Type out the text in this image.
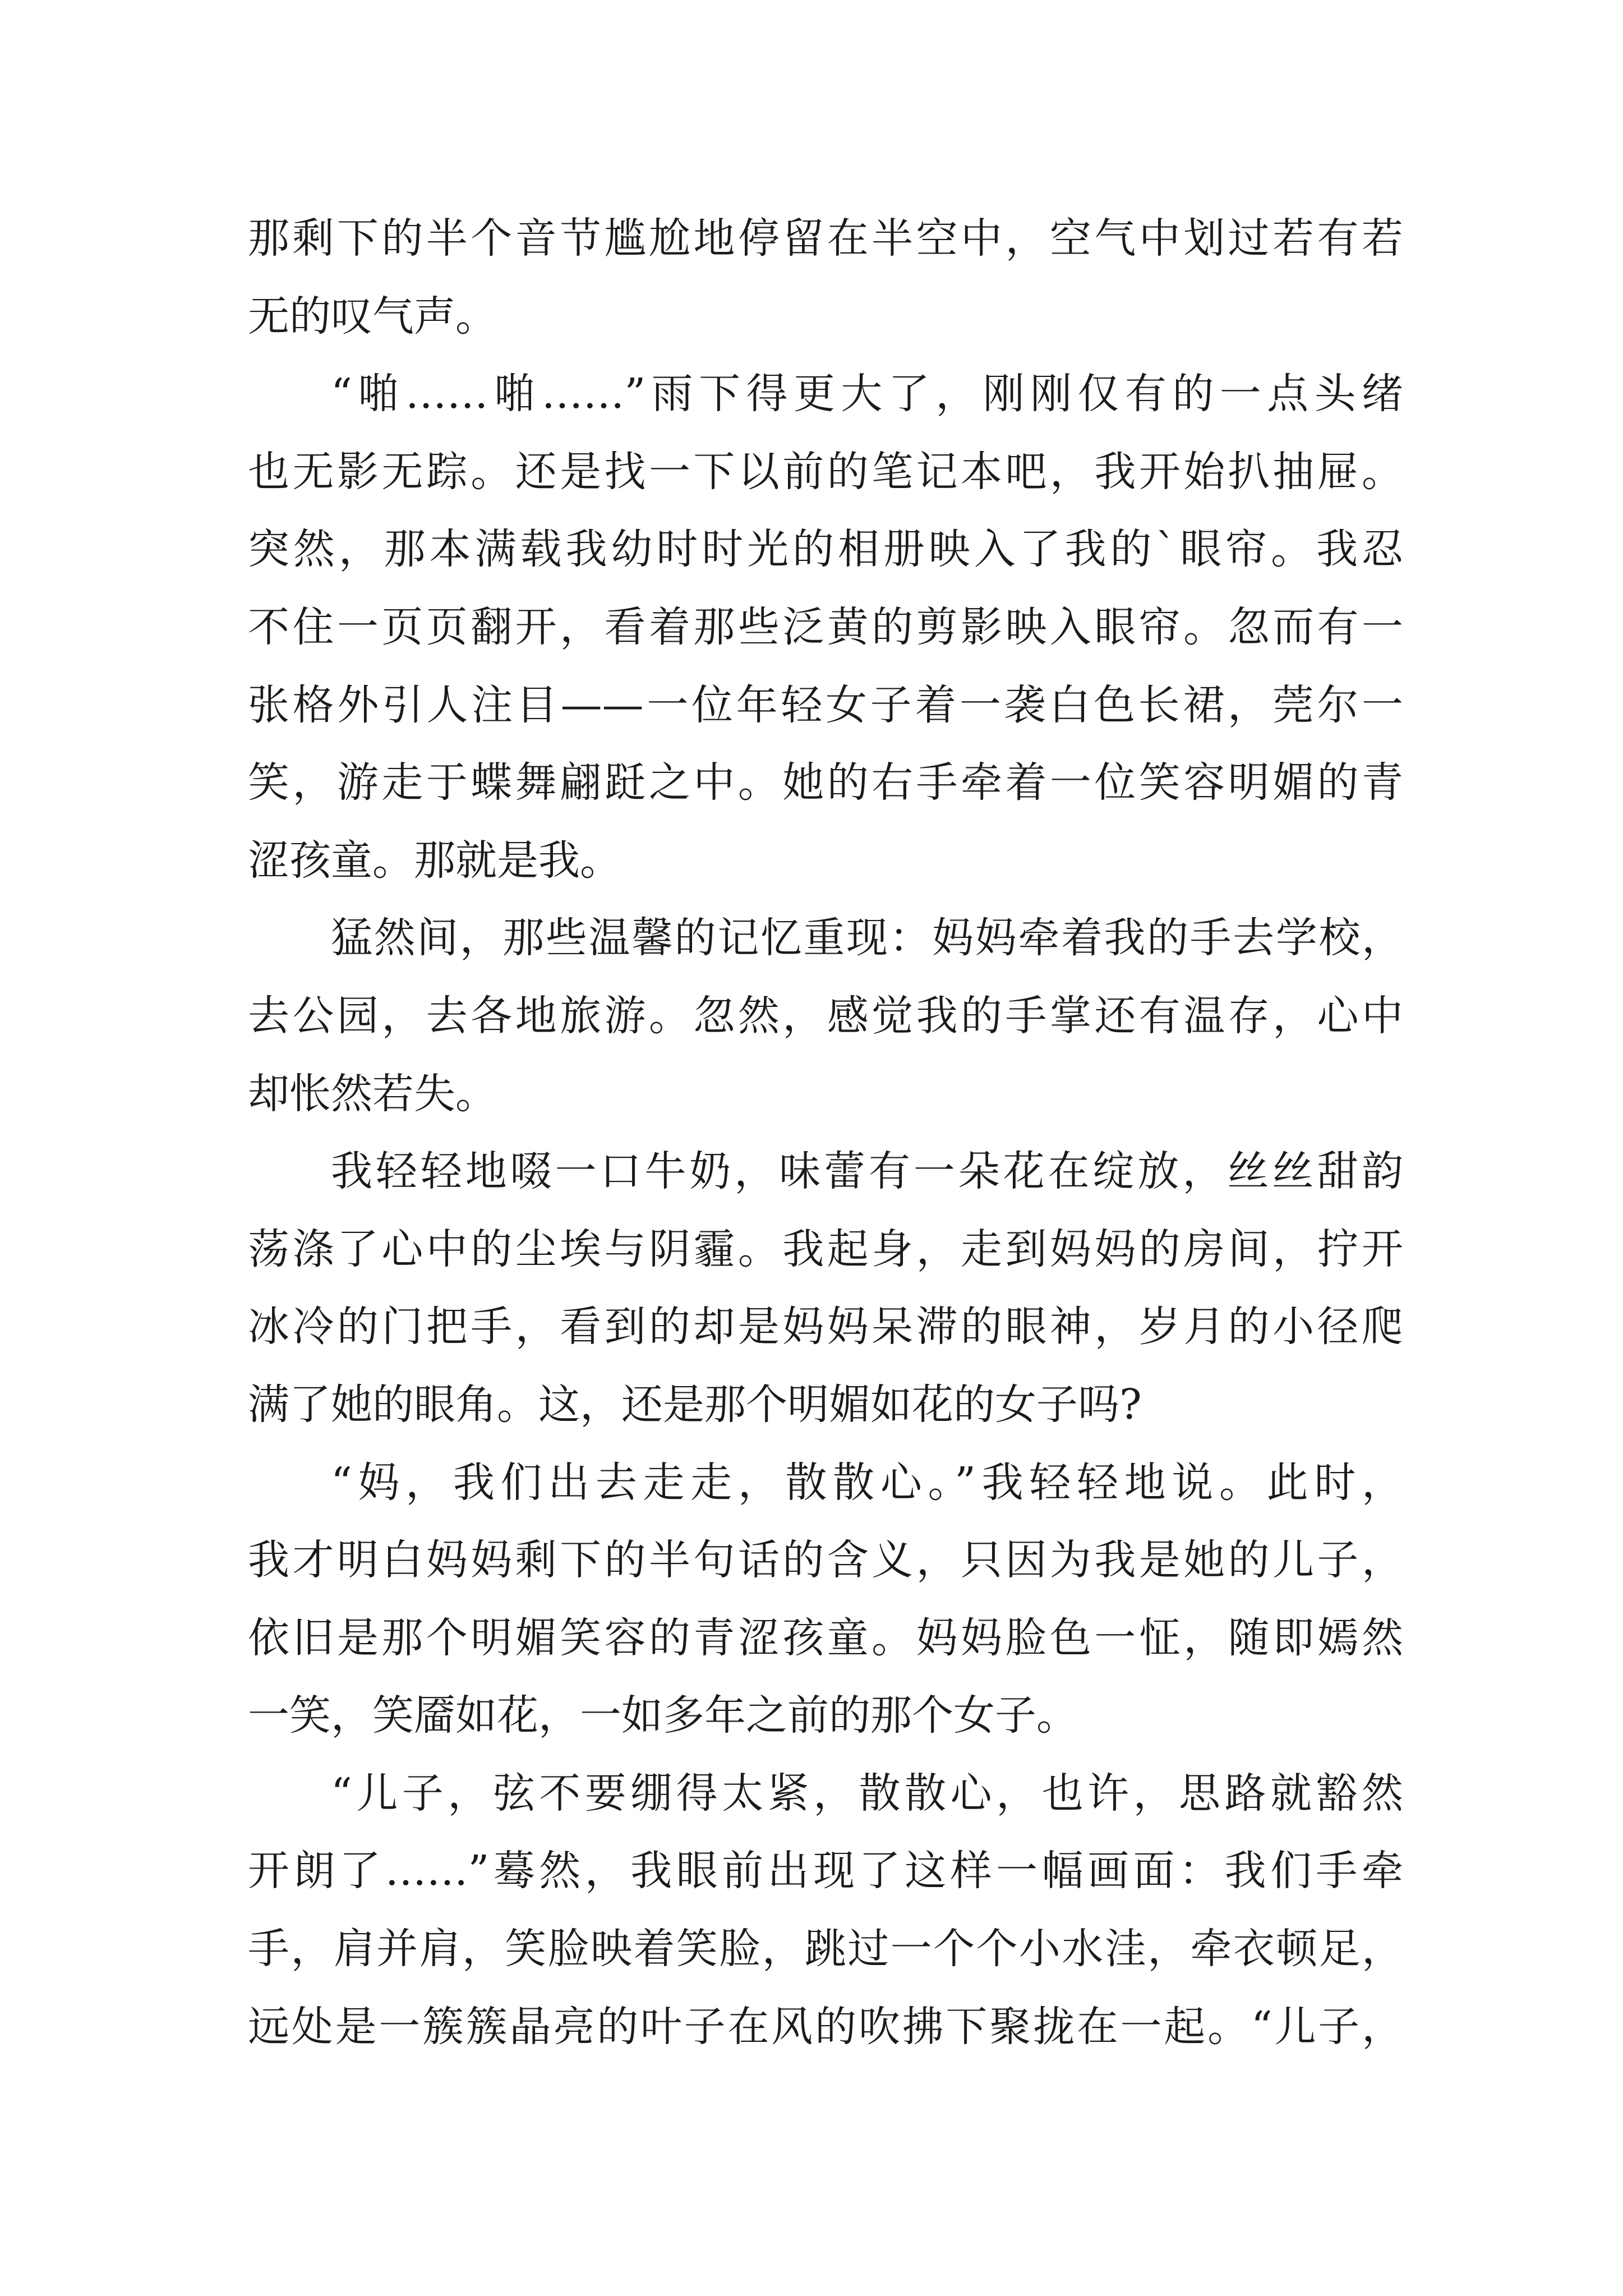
那剩下的半个音节尴尬地停留在半空中，空气中划过若有若
无的叹气声。
“啪……啪……”雨下得更大了，刚刚仅有的一点头绪
也无影无踪。还是找一下以前的笔记本吧，我开始扒抽屉。
突然，那本满载我幼时时光的相册映入了我的`眼帘。我忍
不住一页页翻开，看着那些泛黄的剪影映入眼帘。忽而有一
张格外引人注目——一位年轻女子着一袭白色长裙，莞尔一
笑，游走于蝶舞翩跹之中。她的右手牵着一位笑容明媚的青
涩孩童。那就是我。
猛然间，那些温馨的记忆重现：妈妈牵着我的手去学校，
去公园，去各地旅游。忽然，感觉我的手掌还有温存，心中
却怅然若失。
我轻轻地啜一口牛奶，味蕾有一朵花在绽放，丝丝甜韵
荡涤了心中的尘埃与阴霾。我起身，走到妈妈的房间，拧开
冰冷的门把手，看到的却是妈妈呆滞的眼神，岁月的小径爬
满了她的眼角。这，还是那个明媚如花的女子吗?
“妈，我们出去走走，散散心。”我轻轻地说。此时，
我才明白妈妈剩下的半句话的含义，只因为我是她的儿子，
依旧是那个明媚笑容的青涩孩童。妈妈脸色一怔，随即嫣然
一笑，笑靥如花，一如多年之前的那个女子。
“儿子，弦不要绷得太紧，散散心，也许，思路就豁然
开朗了……”蓦然，我眼前出现了这样一幅画面：我们手牵
手，肩并肩，笑脸映着笑脸，跳过一个个小水洼，牵衣顿足，
远处是一簇簇晶亮的叶子在风的吹拂下聚拢在一起。“儿子，
